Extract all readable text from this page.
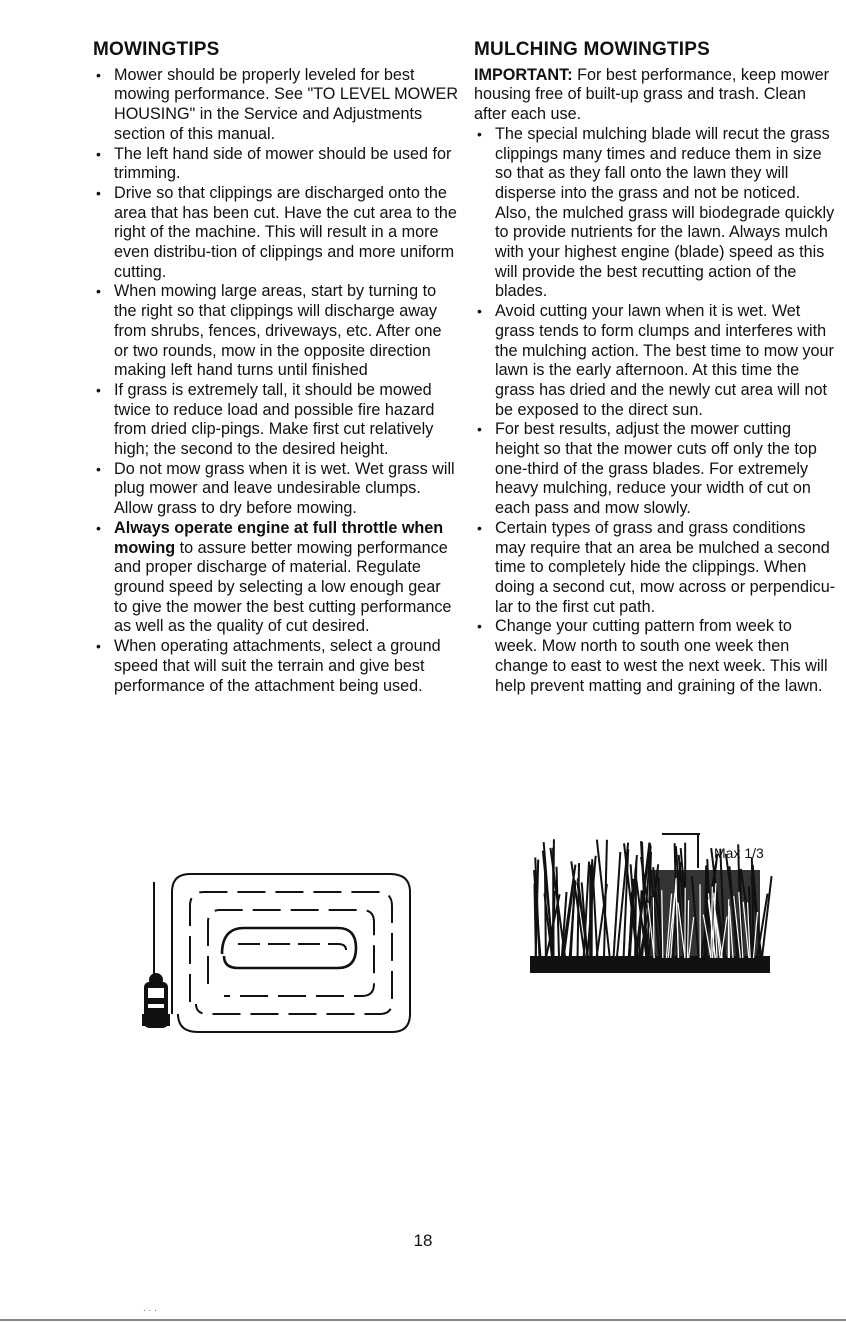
MOWINGTIPS
• Mower should be properly leveled for best mowing performance. See "TO LEVEL MOWER HOUSING" in the Service and Adjustments section of this manual.
• The left hand side of mower should be used for trimming.
• Drive so that clippings are discharged onto the area that has been cut. Have the cut area to the right of the machine. This will result in a more even distribu-tion of clippings and more uniform cutting.
• When mowing large areas, start by turning to the right so that clippings will discharge away from shrubs, fences, driveways, etc. After one or two rounds, mow in the opposite direction making left hand turns until finished
• If grass is extremely tall, it should be mowed twice to reduce load and possible fire hazard from dried clip-pings. Make first cut relatively high; the second to the desired height.
• Do not mow grass when it is wet. Wet grass will plug mower and leave undesirable clumps. Allow grass to dry before mowing.
• Always operate engine at full throttle when mowing to assure better mowing performance and proper discharge of material. Regulate ground speed by selecting a low enough gear to give the mower the best cutting performance as well as the quality of cut desired.
• When operating attachments, select a ground speed that will suit the terrain and give best performance of the attachment being used.
MULCHING MOWINGTIPS

IMPORTANT: For best performance, keep mower housing free of built-up grass and trash. Clean after each use.

• The special mulching blade will recut the grass clippings many times and reduce them in size so that as they fall onto the lawn they will disperse into the grass and not be noticed. Also, the mulched grass will biodegrade quickly to provide nutrients for the lawn. Always mulch with your highest engine (blade) speed as this will provide the best recutting action of the blades.
• Avoid cutting your lawn when it is wet. Wet grass tends to form clumps and interferes with the mulching action. The best time to mow your lawn is the early afternoon. At this time the grass has dried and the newly cut area will not be exposed to the direct sun.
• For best results, adjust the mower cutting height so that the mower cuts off only the top one-third of the grass blades. For extremely heavy mulching, reduce your width of cut on each pass and mow slowly.
• Certain types of grass and grass conditions may require that an area be mulched a second time to completely hide the clippings. When doing a second cut, mow across or perpendicu-lar to the first cut path.
• Change your cutting pattern from week to week. Mow north to south one week then change to east to west the next week. This will help prevent matting and graining of the lawn.
Max 1/3
18
. . .
